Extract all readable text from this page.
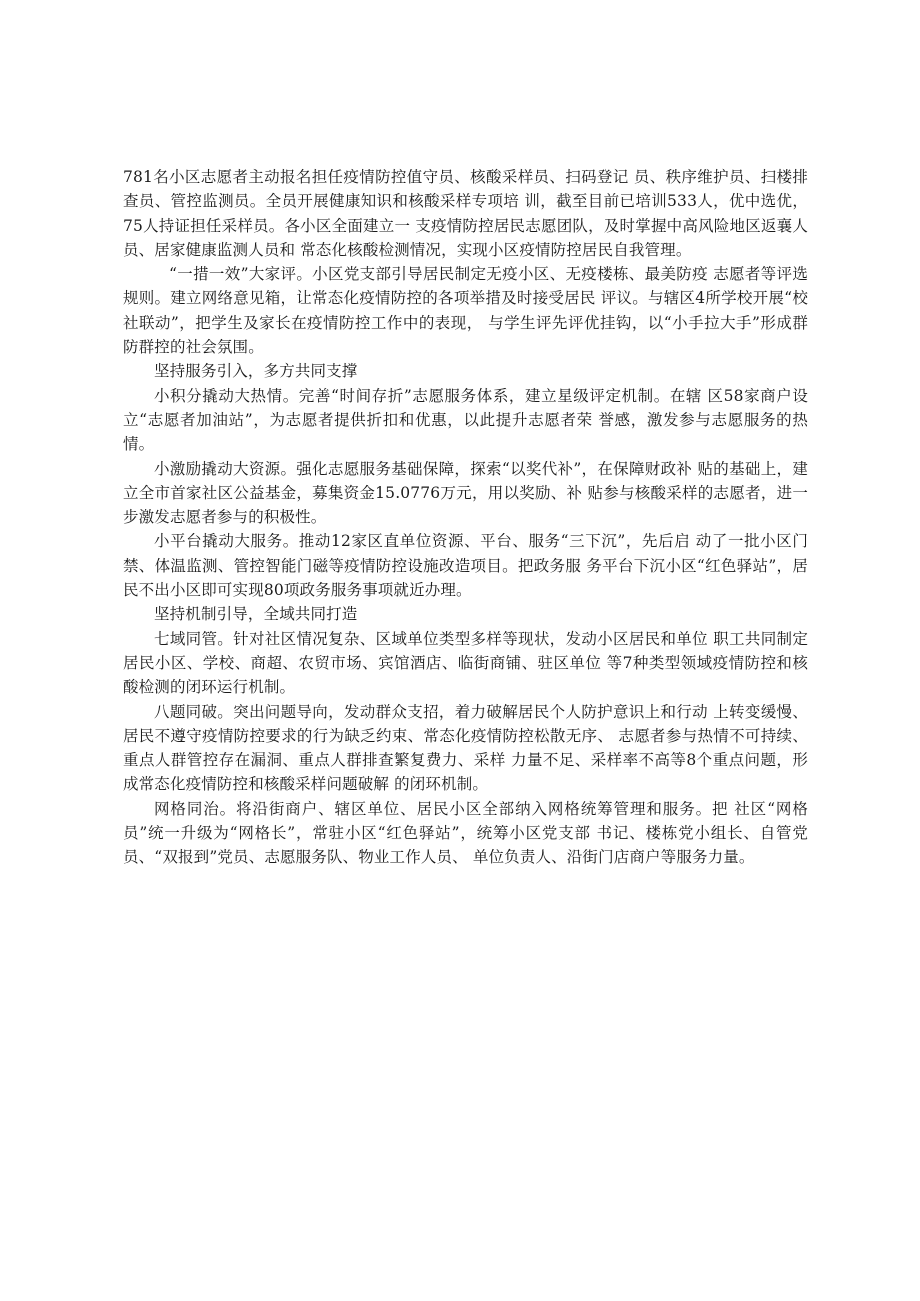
781名小区志愿者主动报名担任疫情防控值守员、核酸采样员、扫码登记 员、秩序维护员、扫楼排查员、管控监测员。全员开展健康知识和核酸采样专项培 训，截至目前已培训533人，优中选优，75人持证担任采样员。各小区全面建立一 支疫情防控居民志愿团队，及时掌握中高风险地区返襄人员、居家健康监测人员和 常态化核酸检测情况，实现小区疫情防控居民自我管理。

“一措一效”大家评。小区党支部引导居民制定无疫小区、无疫楼栋、最美防疫 志愿者等评选规则。建立网络意见箱，让常态化疫情防控的各项举措及时接受居民 评议。与辖区4所学校开展“校社联动”，把学生及家长在疫情防控工作中的表现， 与学生评先评优挂钩，以“小手拉大手”形成群防群控的社会氛围。

坚持服务引入，多方共同支撑

小积分撬动大热情。完善“时间存折”志愿服务体系，建立星级评定机制。在辖 区58家商户设立“志愿者加油站”，为志愿者提供折扣和优惠，以此提升志愿者荣 誉感，激发参与志愿服务的热情。

小激励撬动大资源。强化志愿服务基础保障，探索“以奖代补”，在保障财政补 贴的基础上，建立全市首家社区公益基金，募集资金15.0776万元，用以奖励、补 贴参与核酸采样的志愿者，进一步激发志愿者参与的积极性。

小平台撬动大服务。推动12家区直单位资源、平台、服务“三下沉”，先后启 动了一批小区门禁、体温监测、管控智能门磁等疫情防控设施改造项目。把政务服 务平台下沉小区“红色驿站”，居民不出小区即可实现80项政务服务事项就近办理。

坚持机制引导，全域共同打造

七域同管。针对社区情况复杂、区域单位类型多样等现状，发动小区居民和单位 职工共同制定居民小区、学校、商超、农贸市场、宾馆酒店、临街商铺、驻区单位 等7种类型领域疫情防控和核酸检测的闭环运行机制。

八题同破。突出问题导向，发动群众支招，着力破解居民个人防护意识上和行动 上转变缓慢、居民不遵守疫情防控要求的行为缺乏约束、常态化疫情防控松散无序、 志愿者参与热情不可持续、重点人群管控存在漏洞、重点人群排查繁复费力、采样 力量不足、采样率不高等8个重点问题，形成常态化疫情防控和核酸采样问题破解 的闭环机制。

网格同治。将沿街商户、辖区单位、居民小区全部纳入网格统筹管理和服务。把 社区“网格员”统一升级为“网格长”，常驻小区“红色驿站”，统筹小区党支部 书记、楼栋党小组长、自管党员、“双报到”党员、志愿服务队、物业工作人员、 单位负责人、沿街门店商户等服务力量。
